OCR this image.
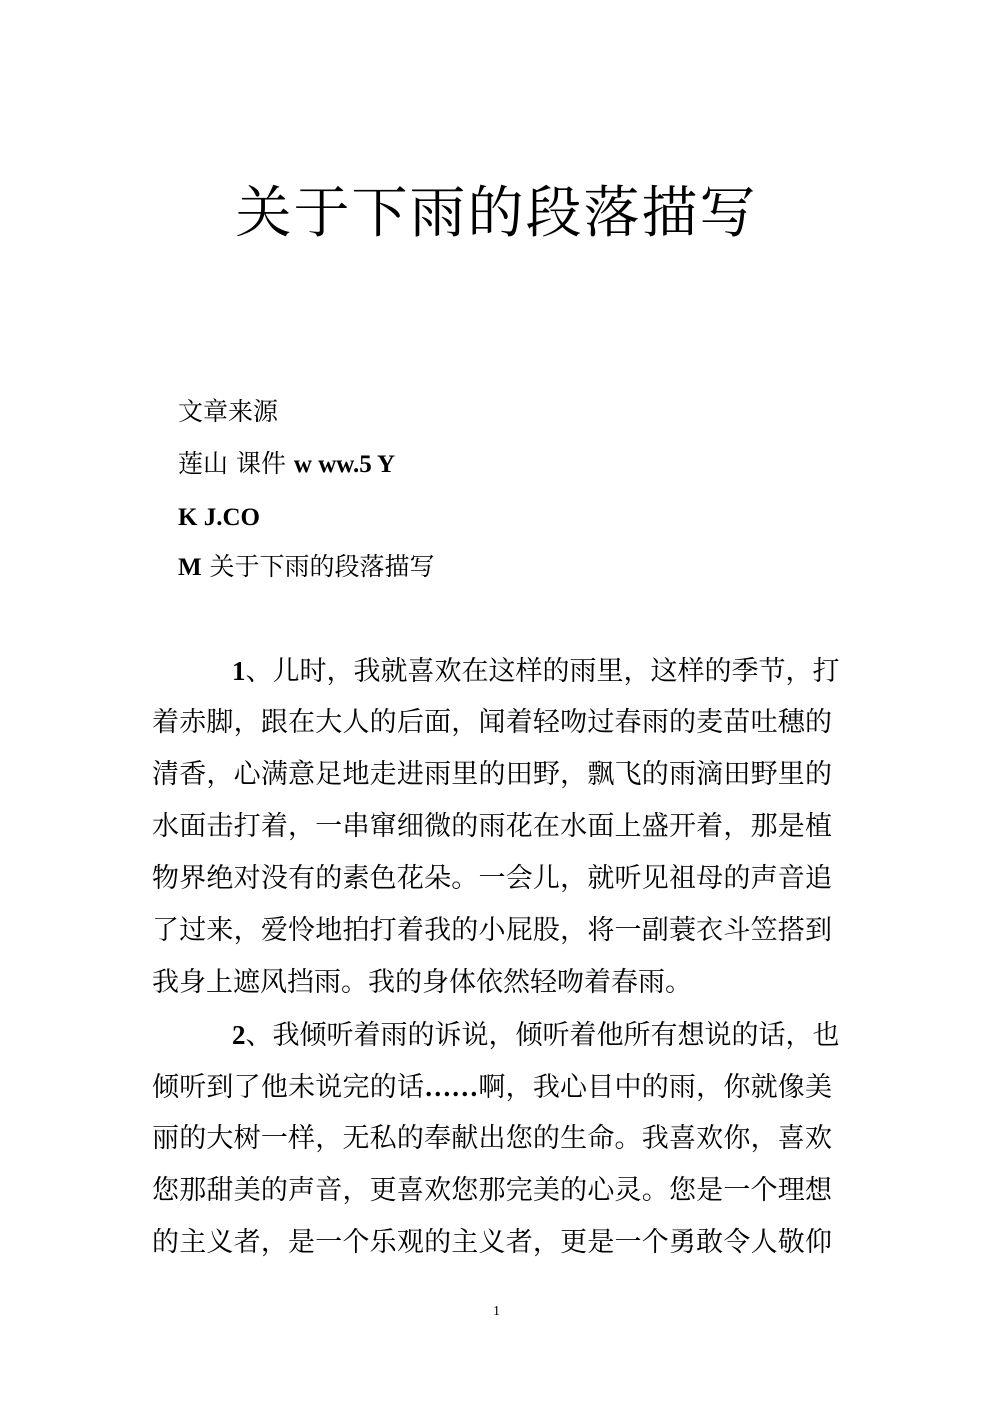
关于下雨的段落描写
文章来源
莲山 课件 w ww.5 Y
K J.CO
M 关于下雨的段落描写
1、儿时，我就喜欢在这样的雨里，这样的季节，打
着赤脚，跟在大人的后面，闻着轻吻过春雨的麦苗吐穗的
清香，心满意足地走进雨里的田野，飘飞的雨滴田野里的
水面击打着，一串窜细微的雨花在水面上盛开着，那是植
物界绝对没有的素色花朵。一会儿，就听见祖母的声音追
了过来，爱怜地拍打着我的小屁股，将一副蓑衣斗笠搭到
我身上遮风挡雨。我的身体依然轻吻着春雨。
2、我倾听着雨的诉说，倾听着他所有想说的话，也
倾听到了他未说完的话……啊，我心目中的雨，你就像美
丽的大树一样，无私的奉献出您的生命。我喜欢你，喜欢
您那甜美的声音，更喜欢您那完美的心灵。您是一个理想
的主义者，是一个乐观的主义者，更是一个勇敢令人敬仰
1
